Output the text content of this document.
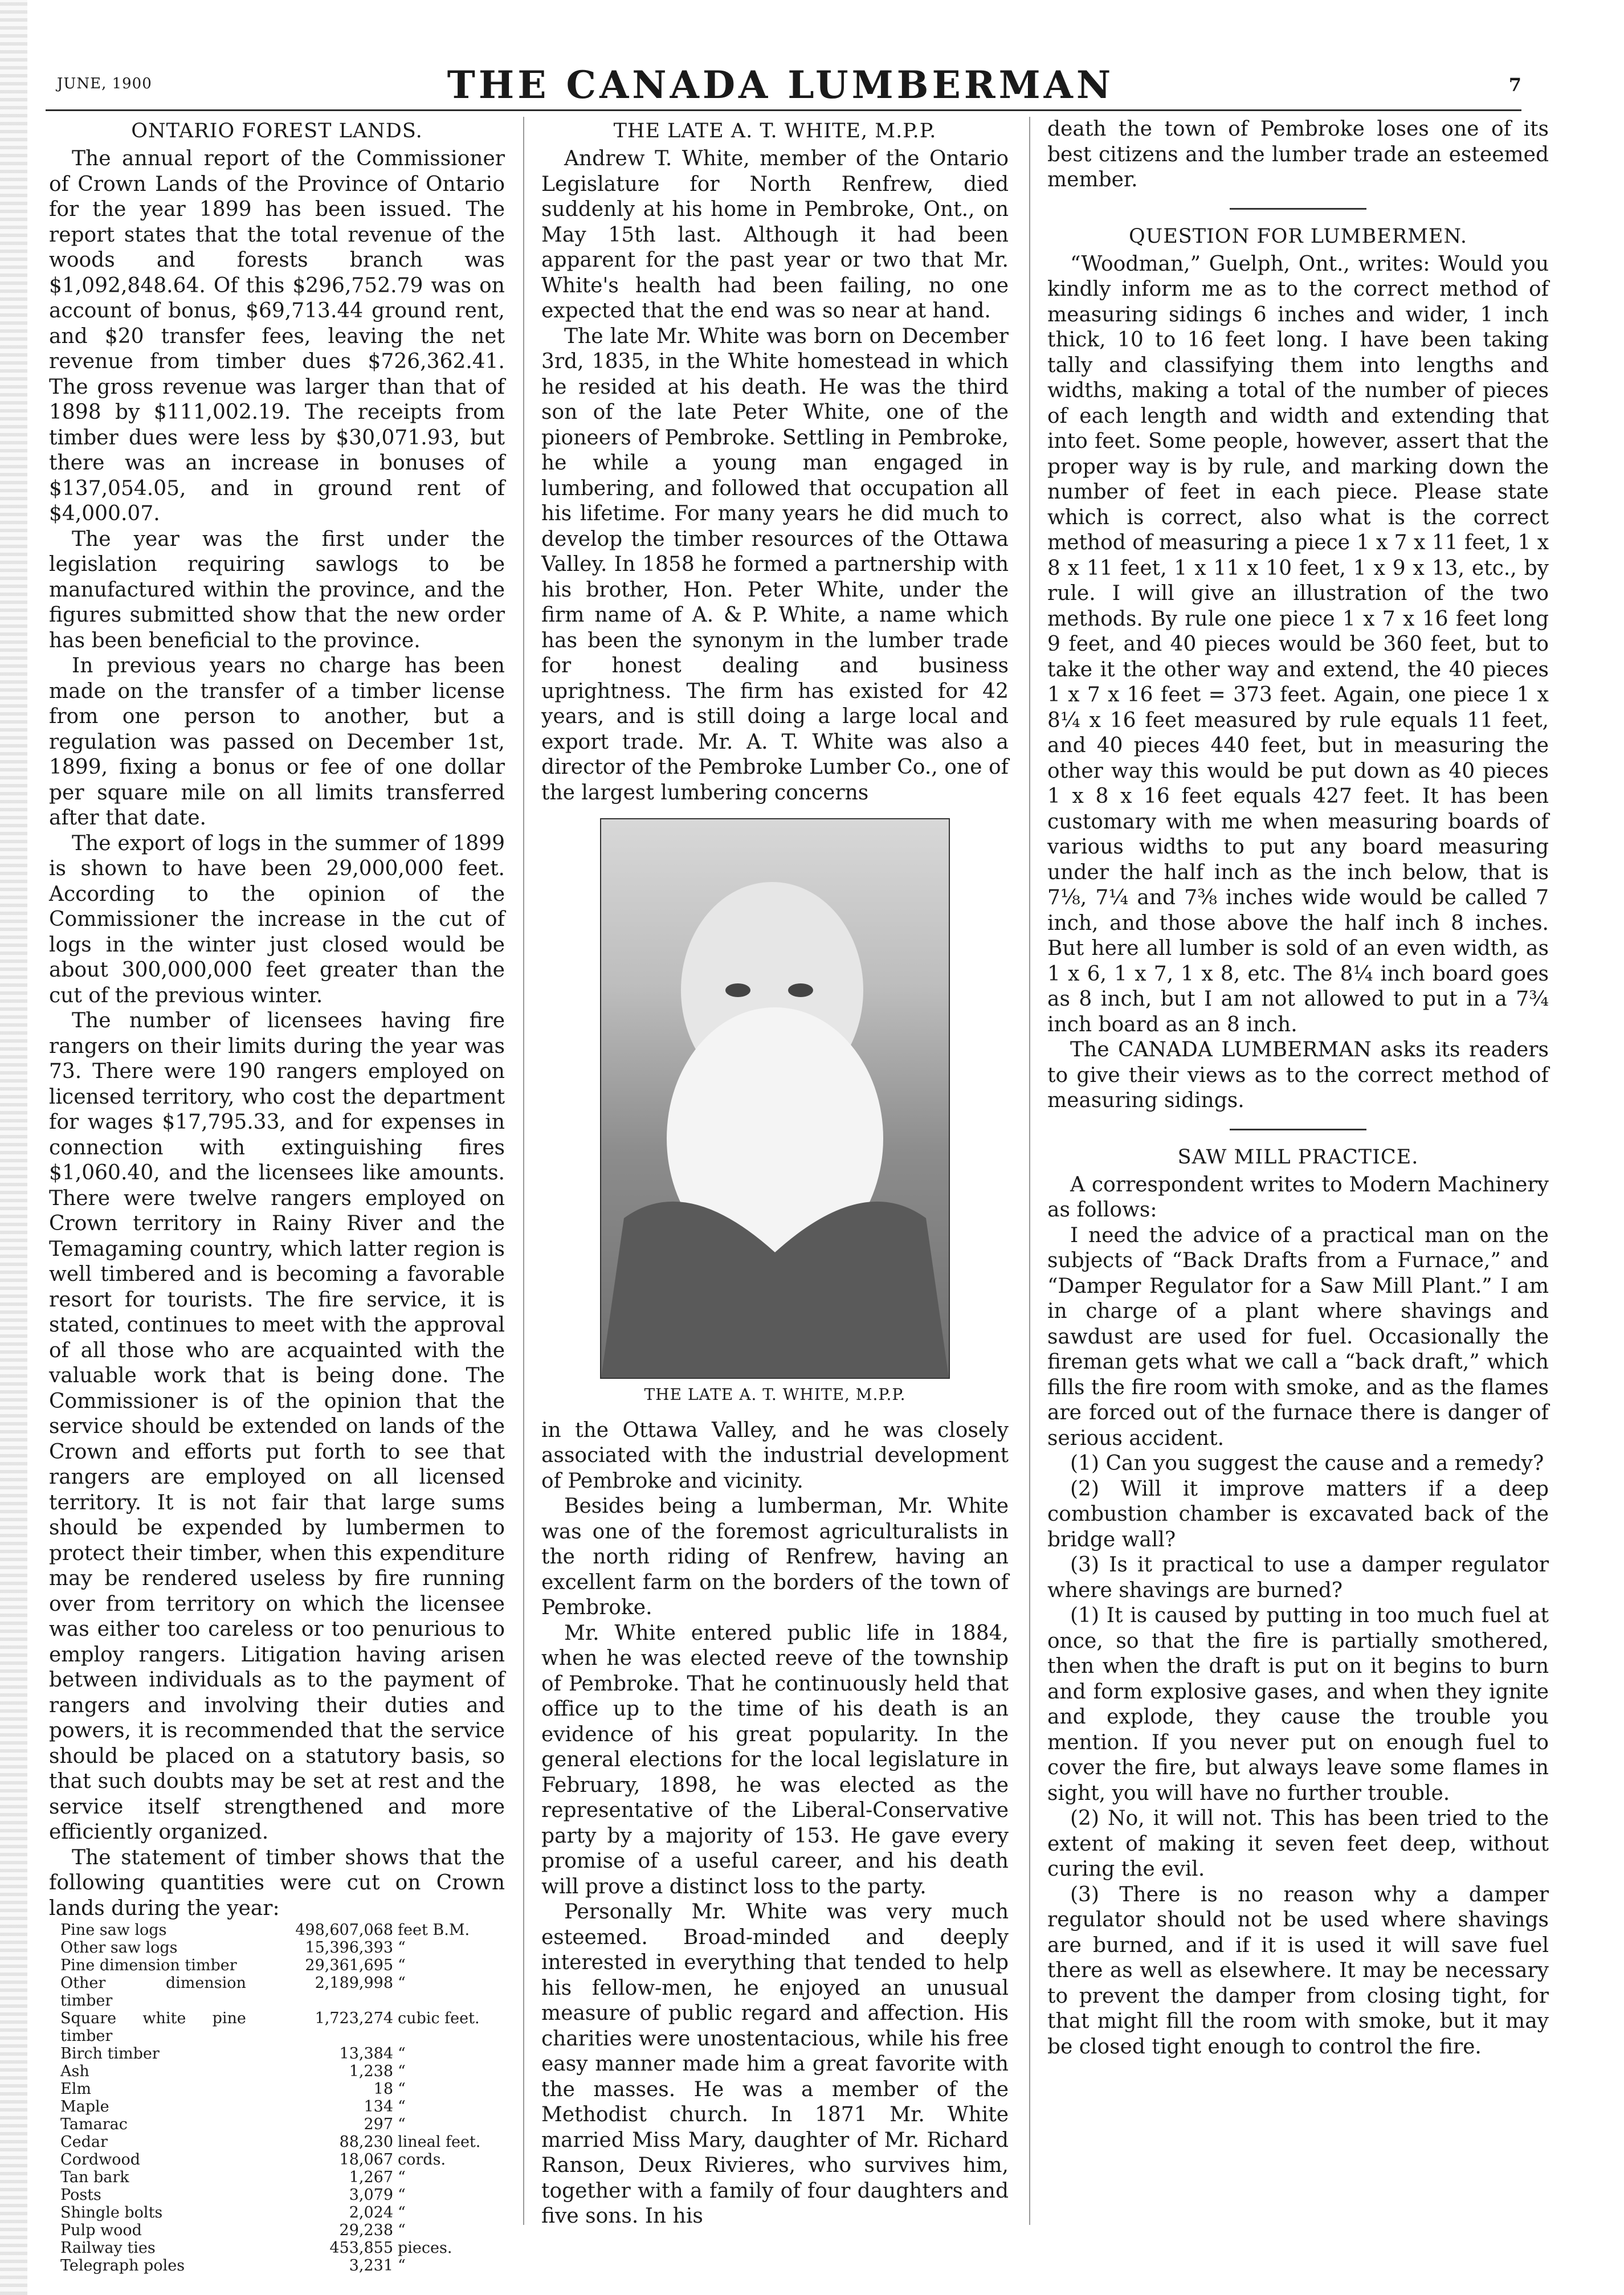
JUNE, 1900	THE CANADA LUMBERMAN	7
ONTARIO FOREST LANDS.

The annual report of the Commissioner of Crown Lands of the Province of Ontario for the year 1899 has been issued. The report states that the total revenue of the woods and forests branch was $1,092,848.64. Of this $296,752.79 was on account of bonus, $69,713.44 ground rent, and $20 transfer fees, leaving the net revenue from timber dues $726,362.41. The gross revenue was larger than that of 1898 by $111,002.19. The receipts from timber dues were less by $30,071.93, but there was an increase in bonuses of $137,054.05, and in ground rent of $4,000.07.

The year was the first under the legislation requiring sawlogs to be manufactured within the province, and the figures submitted show that the new order has been beneficial to the province.

In previous years no charge has been made on the transfer of a timber license from one person to another, but a regulation was passed on December 1st, 1899, fixing a bonus or fee of one dollar per square mile on all limits transferred after that date.

The export of logs in the summer of 1899 is shown to have been 29,000,000 feet. According to the opinion of the Commissioner the increase in the cut of logs in the winter just closed would be about 300,000,000 feet greater than the cut of the previous winter.

The number of licensees having fire rangers on their limits during the year was 73. There were 190 rangers employed on licensed territory, who cost the department for wages $17,795.33, and for expenses in connection with extinguishing fires $1,060.40, and the licensees like amounts. There were twelve rangers employed on Crown territory in Rainy River and the Temagaming country, which latter region is well timbered and is becoming a favorable resort for tourists. The fire service, it is stated, continues to meet with the approval of all those who are acquainted with the valuable work that is being done. The Commissioner is of the opinion that the service should be extended on lands of the Crown and efforts put forth to see that rangers are employed on all licensed territory. It is not fair that large sums should be expended by lumbermen to protect their timber, when this expenditure may be rendered useless by fire running over from territory on which the licensee was either too careless or too penurious to employ rangers. Litigation having arisen between individuals as to the payment of rangers and involving their duties and powers, it is recommended that the service should be placed on a statutory basis, so that such doubts may be set at rest and the service itself strengthened and more efficiently organized.

The statement of timber shows that the following quantities were cut on Crown lands during the year:

Pine saw logs	498,607,068	feet B.M.
Other saw logs	15,396,393	“
Pine dimension timber	29,361,695	“
Other dimension timber	2,189,998	“
Square white pine timber	1,723,274	cubic feet.
Birch timber	13,384	“
Ash	1,238	“
Elm	18	“
Maple	134	“
Tamarac	297	“
Cedar	88,230	lineal feet.
Cordwood	18,067	cords.
Tan bark	1,267	“
Posts	3,079	“
Shingle bolts	2,024	“
Pulp wood	29,238	“
Railway ties	453,855	pieces.
Telegraph poles	3,231	“
THE LATE A. T. WHITE, M.P.P.

Andrew T. White, member of the Ontario Legislature for North Renfrew, died suddenly at his home in Pembroke, Ont., on May 15th last. Although it had been apparent for the past year or two that Mr. White's health had been failing, no one expected that the end was so near at hand.

The late Mr. White was born on December 3rd, 1835, in the White homestead in which he resided at his death. He was the third son of the late Peter White, one of the pioneers of Pembroke. Settling in Pembroke, he while a young man engaged in lumbering, and followed that occupation all his lifetime. For many years he did much to develop the timber resources of the Ottawa Valley. In 1858 he formed a partnership with his brother, Hon. Peter White, under the firm name of A. & P. White, a name which has been the synonym in the lumber trade for honest dealing and business uprightness. The firm has existed for 42 years, and is still doing a large local and export trade. Mr. A. T. White was also a director of the Pembroke Lumber Co., one of the largest lumbering concerns

THE LATE A. T. WHITE, M.P.P.

in the Ottawa Valley, and he was closely associated with the industrial development of Pembroke and vicinity.

Besides being a lumberman, Mr. White was one of the foremost agriculturalists in the north riding of Renfrew, having an excellent farm on the borders of the town of Pembroke.

Mr. White entered public life in 1884, when he was elected reeve of the township of Pembroke. That he continuously held that office up to the time of his death is an evidence of his great popularity. In the general elections for the local legislature in February, 1898, he was elected as the representative of the Liberal-Conservative party by a majority of 153. He gave every promise of a useful career, and his death will prove a distinct loss to the party.

Personally Mr. White was very much esteemed. Broad-minded and deeply interested in everything that tended to help his fellow-men, he enjoyed an unusual measure of public regard and affection. His charities were unostentacious, while his free easy manner made him a great favorite with the masses. He was a member of the Methodist church. In 1871 Mr. White married Miss Mary, daughter of Mr. Richard Ranson, Deux Rivieres, who survives him, together with a family of four daughters and five sons. In his

death the town of Pembroke loses one of its best citizens and the lumber trade an esteemed member.

QUESTION FOR LUMBERMEN.

“Woodman,” Guelph, Ont., writes: Would you kindly inform me as to the correct method of measuring sidings 6 inches and wider, 1 inch thick, 10 to 16 feet long. I have been taking tally and classifying them into lengths and widths, making a total of the number of pieces of each length and width and extending that into feet. Some people, however, assert that the proper way is by rule, and marking down the number of feet in each piece. Please state which is correct, also what is the correct method of measuring a piece 1 x 7 x 11 feet, 1 x 8 x 11 feet, 1 x 11 x 10 feet, 1 x 9 x 13, etc., by rule. I will give an illustration of the two methods. By rule one piece 1 x 7 x 16 feet long 9 feet, and 40 pieces would be 360 feet, but to take it the other way and extend, the 40 pieces 1 x 7 x 16 feet = 373 feet. Again, one piece 1 x 8¼ x 16 feet measured by rule equals 11 feet, and 40 pieces 440 feet, but in measuring the other way this would be put down as 40 pieces 1 x 8 x 16 feet equals 427 feet. It has been customary with me when measuring boards of various widths to put any board measuring under the half inch as the inch below, that is 7⅛, 7¼ and 7⅜ inches wide would be called 7 inch, and those above the half inch 8 inches. But here all lumber is sold of an even width, as 1 x 6, 1 x 7, 1 x 8, etc. The 8¼ inch board goes as 8 inch, but I am not allowed to put in a 7¾ inch board as an 8 inch.

The CANADA LUMBERMAN asks its readers to give their views as to the correct method of measuring sidings.

SAW MILL PRACTICE.

A correspondent writes to Modern Machinery as follows:

I need the advice of a practical man on the subjects of “Back Drafts from a Furnace,” and “Damper Regulator for a Saw Mill Plant.” I am in charge of a plant where shavings and sawdust are used for fuel. Occasionally the fireman gets what we call a “back draft,” which fills the fire room with smoke, and as the flames are forced out of the furnace there is danger of serious accident.

(1) Can you suggest the cause and a remedy?

(2) Will it improve matters if a deep combustion chamber is excavated back of the bridge wall?

(3) Is it practical to use a damper regulator where shavings are burned?

(1) It is caused by putting in too much fuel at once, so that the fire is partially smothered, then when the draft is put on it begins to burn and form explosive gases, and when they ignite and explode, they cause the trouble you mention. If you never put on enough fuel to cover the fire, but always leave some flames in sight, you will have no further trouble.

(2) No, it will not. This has been tried to the extent of making it seven feet deep, without curing the evil.

(3) There is no reason why a damper regulator should not be used where shavings are burned, and if it is used it will save fuel there as well as elsewhere. It may be necessary to prevent the damper from closing tight, for that might fill the room with smoke, but it may be closed tight enough to control the fire.
